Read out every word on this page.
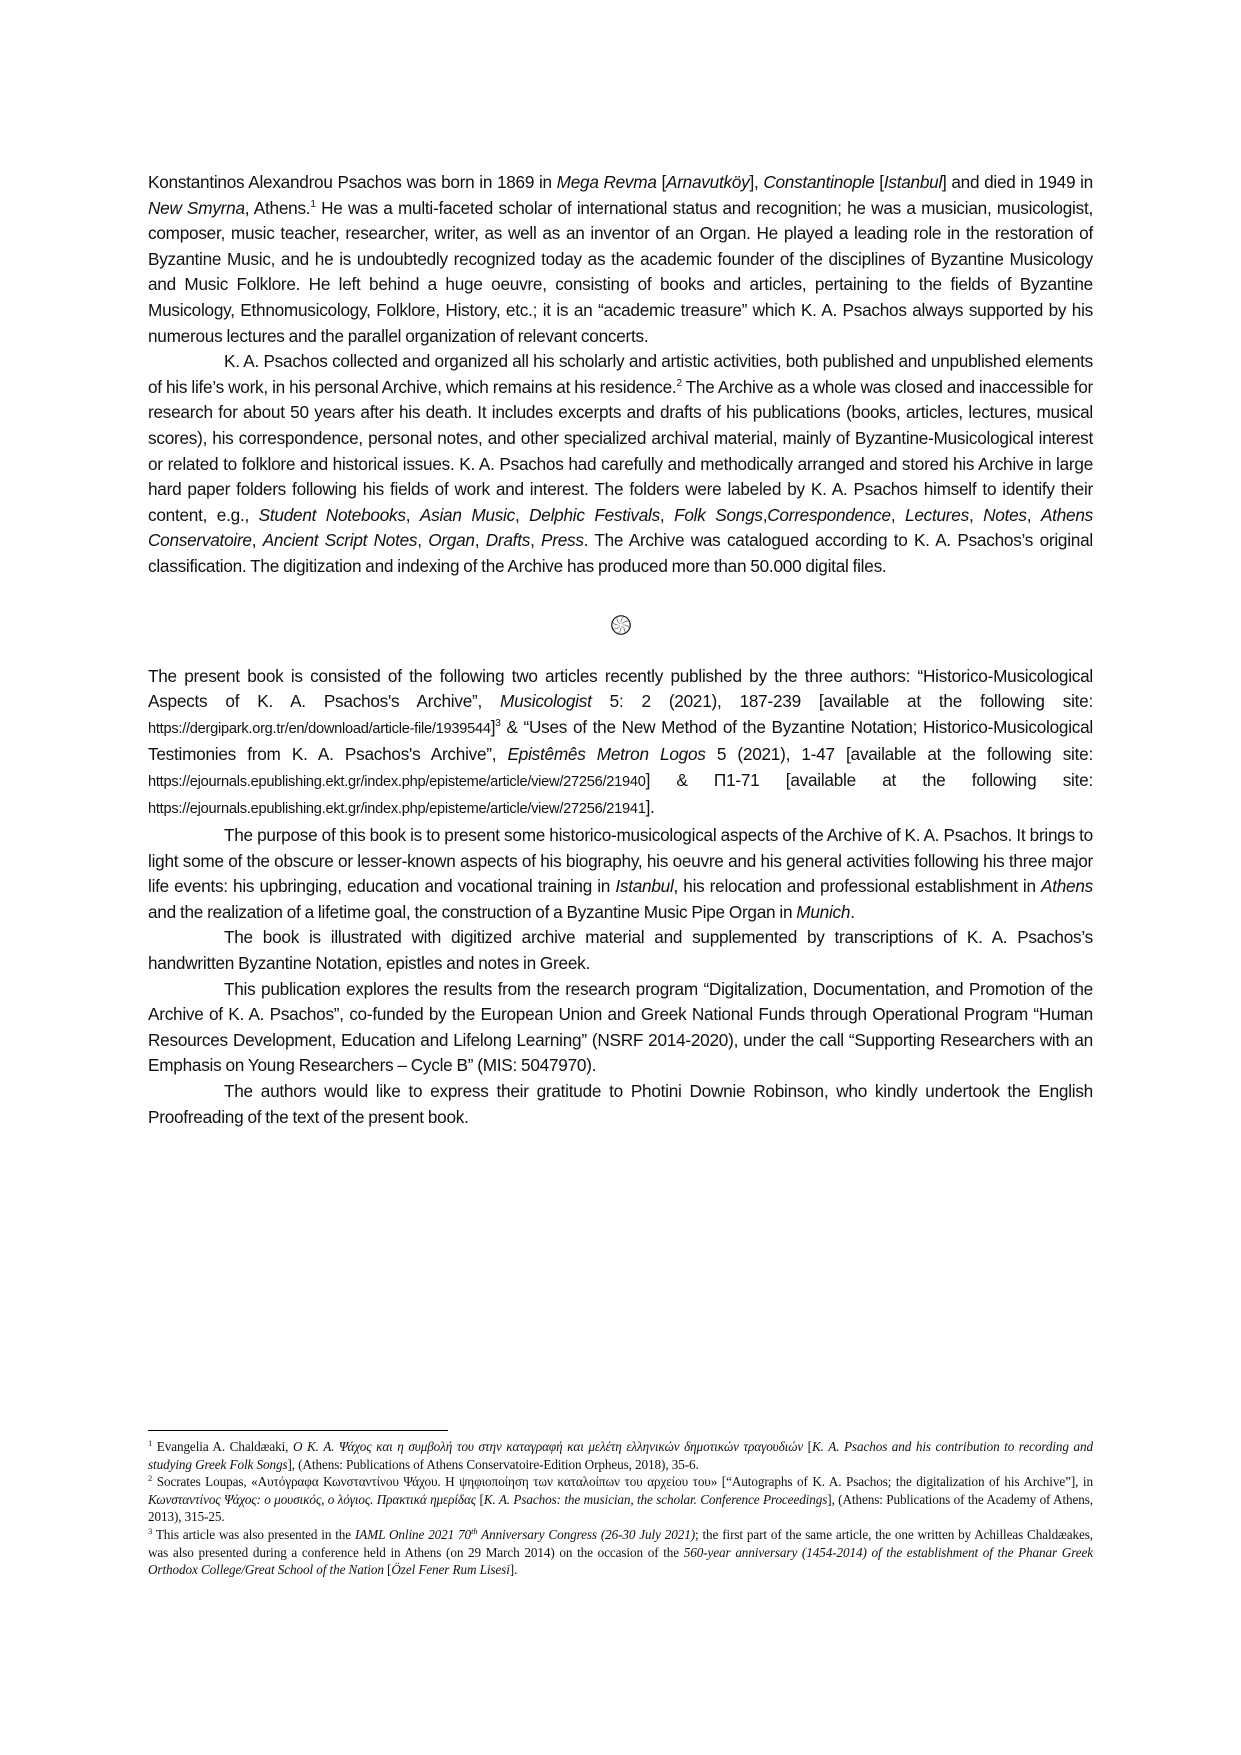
Konstantinos Alexandrou Psachos was born in 1869 in Mega Revma [Arnavutköy], Constantinople [Istanbul] and died in 1949 in New Smyrna, Athens.$^1$ He was a multi-faceted scholar of international status and recognition; he was a musician, musicologist, composer, music teacher, researcher, writer, as well as an inventor of an Organ. He played a leading role in the restoration of Byzantine Music, and he is undoubtedly recognized today as the academic founder of the disciplines of Byzantine Musicology and Music Folklore. He left behind a huge oeuvre, consisting of books and articles, pertaining to the fields of Byzantine Musicology, Ethnomusicology, Folklore, History, etc.; it is an “academic treasure” which K. A. Psachos always supported by his numerous lectures and the parallel organization of relevant concerts.

K. A. Psachos collected and organized all his scholarly and artistic activities, both published and unpublished elements of his life’s work, in his personal Archive, which remains at his residence.$^2$ The Archive as a whole was closed and inaccessible for research for about 50 years after his death. It includes excerpts and drafts of his publications (books, articles, lectures, musical scores), his correspondence, personal notes, and other specialized archival material, mainly of Byzantine-Musicological interest or related to folklore and historical issues. K. A. Psachos had carefully and methodically arranged and stored his Archive in large hard paper folders following his fields of work and interest. The folders were labeled by K. A. Psachos himself to identify their content, e.g., Student Notebooks, Asian Music, Delphic Festivals, Folk Songs,Correspondence, Lectures, Notes, Athens Conservatoire, Ancient Script Notes, Organ, Drafts, Press. The Archive was catalogued according to K. A. Psachos’s original classification. The digitization and indexing of the Archive has produced more than 50.000 digital files.

The present book is consisted of the following two articles recently published by the three authors: “Historico-Musicological Aspects of K. A. Psachos's Archive”, Musicologist 5: 2 (2021), 187-239 [available at the following site: https://dergipark.org.tr/en/download/article-file/1939544]$^3$ & “Uses of the New Method of the Byzantine Notation; Historico-Musicological Testimonies from K. A. Psachos's Archive”, Epistêmês Metron Logos 5 (2021), 1-47 [available at the following site: https://ejournals.epublishing.ekt.gr/index.php/episteme/article/view/27256/21940] & Π1-71 [available at the following site: https://ejournals.epublishing.ekt.gr/index.php/episteme/article/view/27256/21941].

The purpose of this book is to present some historico-musicological aspects of the Archive of K. A. Psachos. It brings to light some of the obscure or lesser-known aspects of his biography, his oeuvre and his general activities following his three major life events: his upbringing, education and vocational training in Istanbul, his relocation and professional establishment in Athens and the realization of a lifetime goal, the construction of a Byzantine Music Pipe Organ in Munich.

The book is illustrated with digitized archive material and supplemented by transcriptions of K. A. Psachos’s handwritten Byzantine Notation, epistles and notes in Greek.

This publication explores the results from the research program “Digitalization, Documentation, and Promotion of the Archive of K. A. Psachos”, co-funded by the European Union and Greek National Funds through Operational Program “Human Resources Development, Education and Lifelong Learning” (NSRF 2014-2020), under the call “Supporting Researchers with an Emphasis on Young Researchers – Cycle B” (MIS: 5047970).

The authors would like to express their gratitude to Photini Downie Robinson, who kindly undertook the English Proofreading of the text of the present book.

$^1$ Evangelia A. Chaldæaki, Ο Κ. Α. Ψάχος και η συμβολή του στην καταγραφή και μελέτη ελληνικών δημοτικών τραγουδιών [K. A. Psachos and his contribution to recording and studying Greek Folk Songs], (Athens: Publications of Athens Conservatoire-Edition Orpheus, 2018), 35-6.

$^2$ Socrates Loupas, «Αυτόγραφα Κωνσταντίνου Ψάχου. Η ψηφιοποίηση των καταλοίπων του αρχείου του» [“Autographs of K. A. Psachos; the digitalization of his Archive”], in Κωνσταντίνος Ψάχος: ο μουσικός, ο λόγιος. Πρακτικά ημερίδας [K. A. Psachos: the musician, the scholar. Conference Proceedings], (Athens: Publications of the Academy of Athens, 2013), 315-25.

$^3$ This article was also presented in the IAML Online 2021 70th Anniversary Congress (26-30 July 2021); the first part of the same article, the one written by Achilleas Chaldæakes, was also presented during a conference held in Athens (on 29 March 2014) on the occasion of the 560-year anniversary (1454-2014) of the establishment of the Phanar Greek Orthodox College/Great School of the Nation [Özel Fener Rum Lisesi].
